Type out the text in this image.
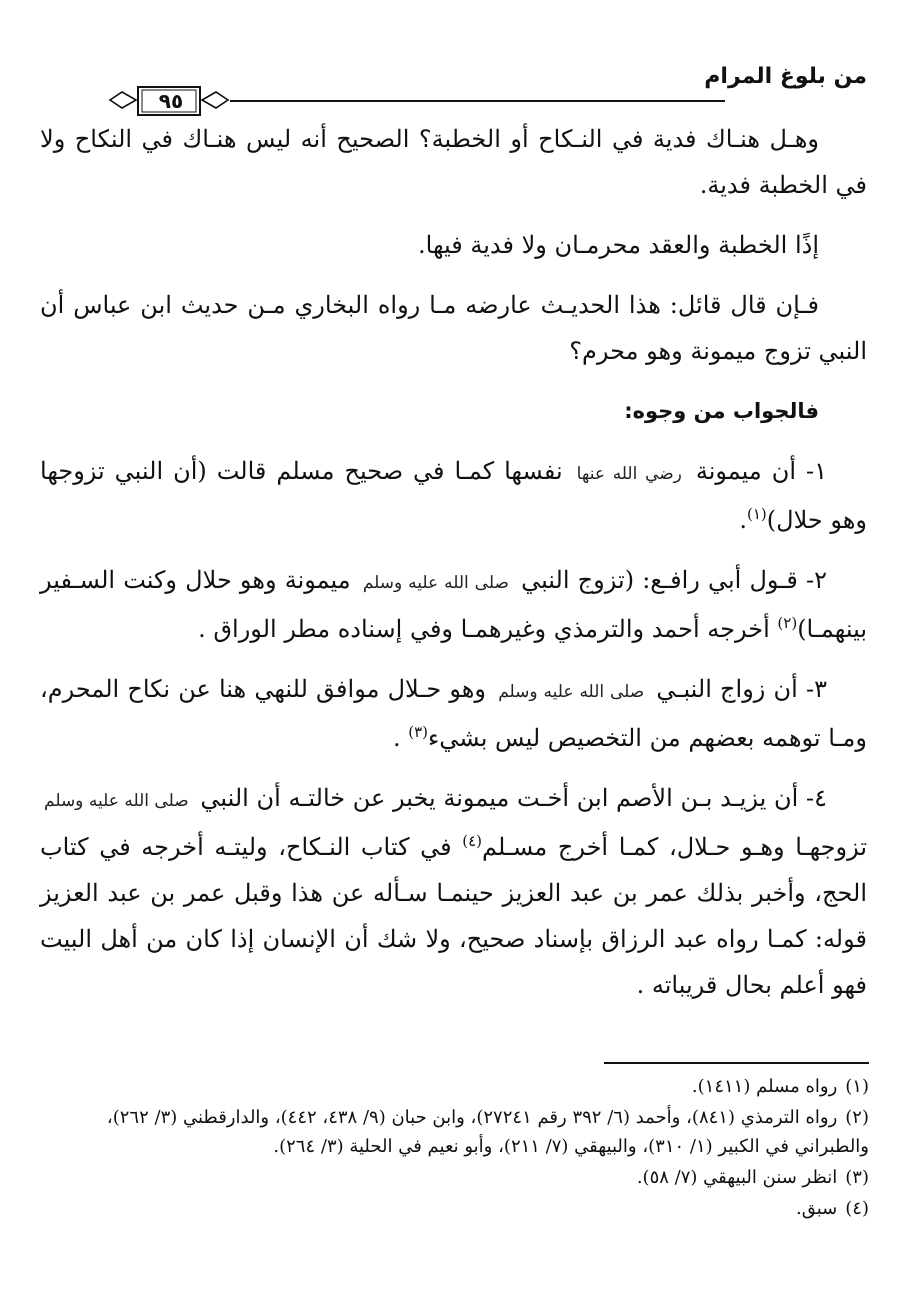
من بلوغ المرام
٩٥

وهـل هنـاك فدية في النـكاح أو الخطبة؟ الصحيح أنه ليس هنـاك في النكاح ولا في الخطبة فدية.

إذًا الخطبة والعقد محرمـان ولا فدية فيها.

فـإن قال قائل: هذا الحديـث عارضه مـا رواه البخاري مـن حديث ابن عباس أن النبي تزوج ميمونة وهو محرم؟

فالجواب من وجوه:

١- أن ميمونة رضي الله عنها نفسها كمـا في صحيح مسلم قالت (أن النبي تزوجها وهو حلال)$^{(١)}$.

٢- قـول أبي رافـع: (تزوج النبي صلى الله عليه وسلم ميمونة وهو حلال وكنت السـفير بينهمـا)$^{(٢)}$ أخرجه أحمد والترمذي وغيرهمـا وفي إسناده مطر الوراق .

٣- أن زواج النبـي صلى الله عليه وسلم وهو حـلال موافق للنهي هنا عن نكاح المحرم، ومـا توهمه بعضهم من التخصيص ليس بشيء$^{(٣)}$ .

٤- أن يزيـد بـن الأصم ابن أخـت ميمونة يخبر عن خالتـه أن النبي صلى الله عليه وسلم تزوجهـا وهـو حـلال، كمـا أخرج مسـلم$^{(٤)}$ في كتاب النـكاح، وليتـه أخرجه في كتاب الحج، وأخبر بذلك عمر بن عبد العزيز حينمـا سـأله عن هذا وقبل عمر بن عبد العزيز قوله: كمـا رواه عبد الرزاق بإسناد صحيح، ولا شك أن الإنسان إذا كان من أهل البيت فهو أعلم بحال قريباته .

(١) رواه مسلم (١٤١١).

(٢) رواه الترمذي (٨٤١)، وأحمد (٦/ ٣٩٢ رقم ٢٧٢٤١)، وابن حبان (٩/ ٤٣٨، ٤٤٢)، والدارقطني (٣/ ٢٦٢)، والطبراني في الكبير (١/ ٣١٠)، والبيهقي (٧/ ٢١١)، وأبو نعيم في الحلية (٣/ ٢٦٤).

(٣) انظر سنن البيهقي (٧/ ٥٨).

(٤) سبق.
